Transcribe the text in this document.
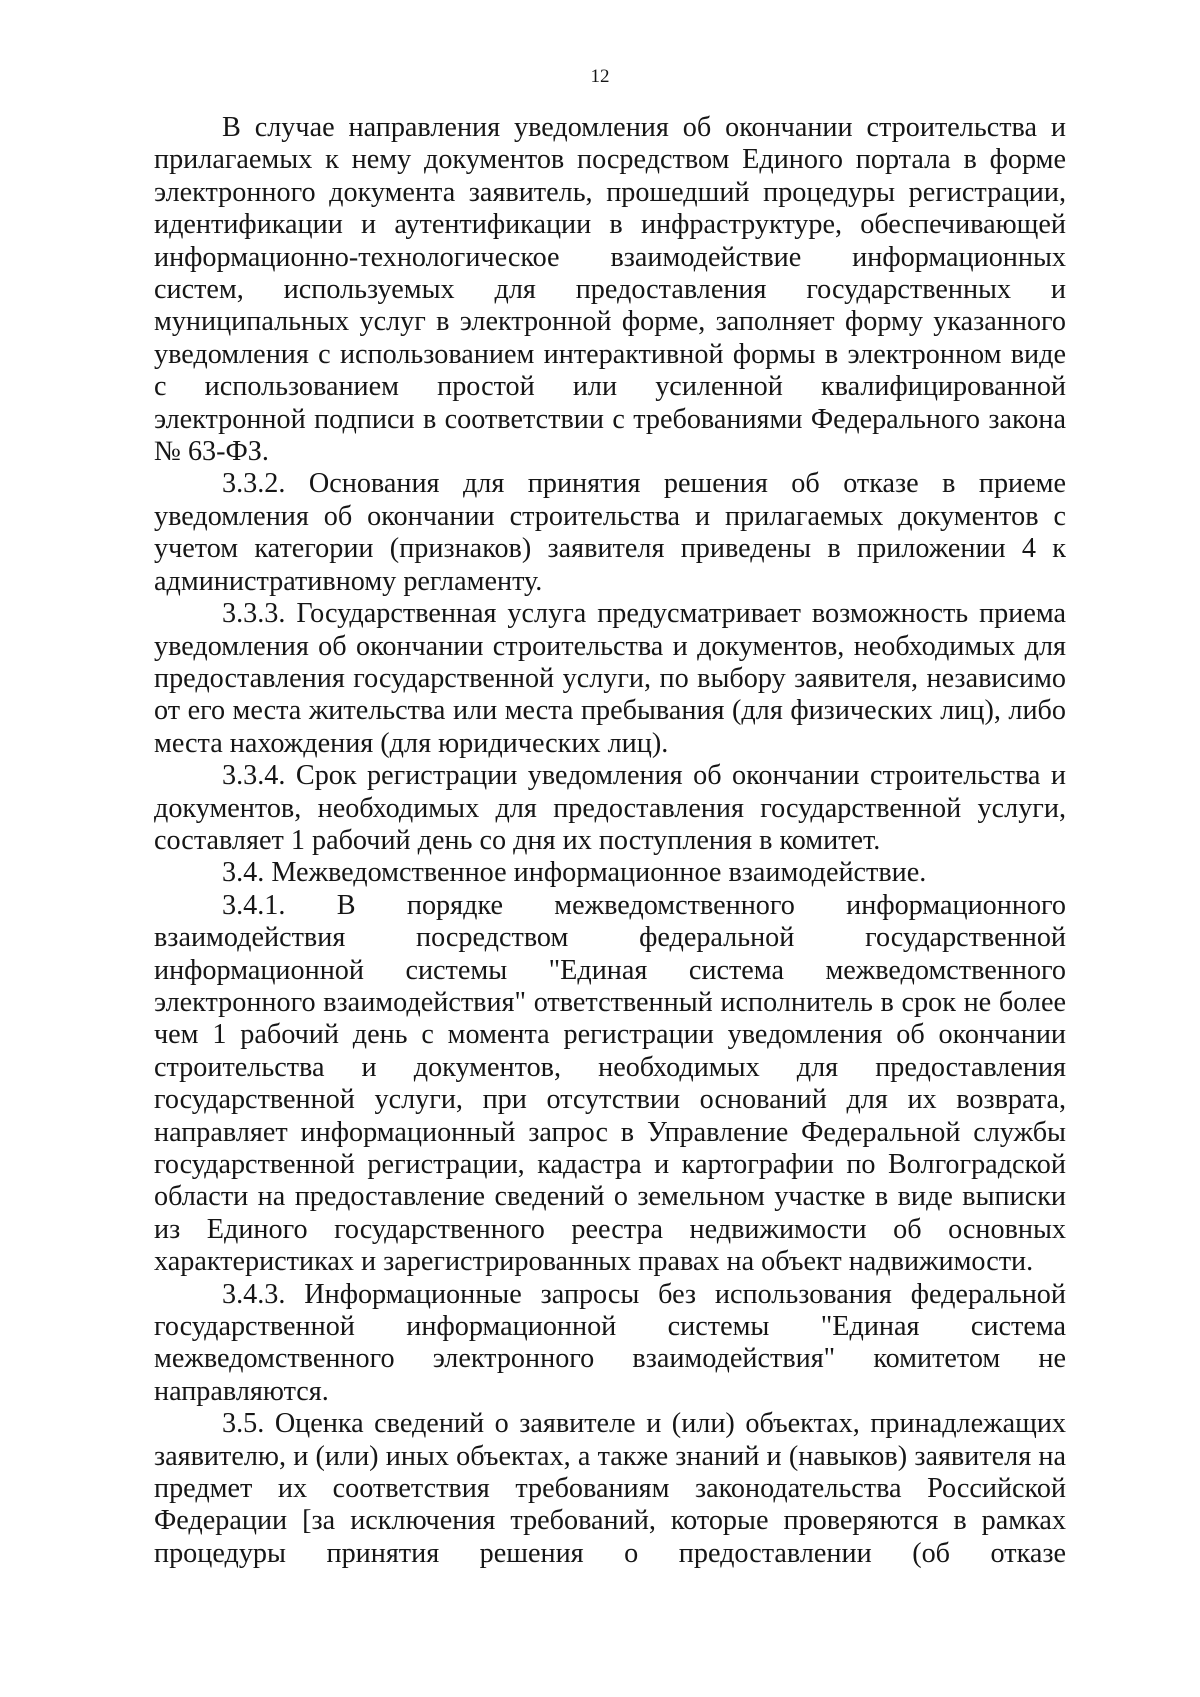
12

В случае направления уведомления об окончании строительства и прилагаемых к нему документов посредством Единого портала в форме электронного документа заявитель, прошедший процедуры регистрации, идентификации и аутентификации в инфраструктуре, обеспечивающей информационно-технологическое взаимодействие информационных систем, используемых для предоставления государственных и муниципальных услуг в электронной форме, заполняет форму указанного уведомления с использованием интерактивной формы в электронном виде с использованием простой или усиленной квалифицированной электронной подписи в соответствии с требованиями Федерального закона № 63-ФЗ.

3.3.2. Основания для принятия решения об отказе в приеме уведомления об окончании строительства и прилагаемых документов с учетом категории (признаков) заявителя приведены в приложении 4 к административному регламенту.

3.3.3. Государственная услуга предусматривает возможность приема уведомления об окончании строительства и документов, необходимых для предоставления государственной услуги, по выбору заявителя, независимо от его места жительства или места пребывания (для физических лиц), либо места нахождения (для юридических лиц).

3.3.4. Срок регистрации уведомления об окончании строительства и документов, необходимых для предоставления государственной услуги, составляет 1 рабочий день со дня их поступления в комитет.

3.4. Межведомственное информационное взаимодействие.

3.4.1. В порядке межведомственного информационного взаимодействия посредством федеральной государственной информационной системы "Единая система межведомственного электронного взаимодействия" ответственный исполнитель в срок не более чем 1 рабочий день с момента регистрации уведомления об окончании строительства и документов, необходимых для предоставления государственной услуги, при отсутствии оснований для их возврата, направляет информационный запрос в Управление Федеральной службы государственной регистрации, кадастра и картографии по Волгоградской области на предоставление сведений о земельном участке в виде выписки из Единого государственного реестра недвижимости об основных характеристиках и зарегистрированных правах на объект надвижимости.

3.4.3. Информационные запросы без использования федеральной государственной информационной системы "Единая система межведомственного электронного взаимодействия" комитетом не направляются.

3.5. Оценка сведений о заявителе и (или) объектах, принадлежащих заявителю, и (или) иных объектах, а также знаний и (навыков) заявителя на предмет их соответствия требованиям законодательства Российской Федерации [за исключения требований, которые проверяются в рамках процедуры принятия решения о предоставлении (об отказе
